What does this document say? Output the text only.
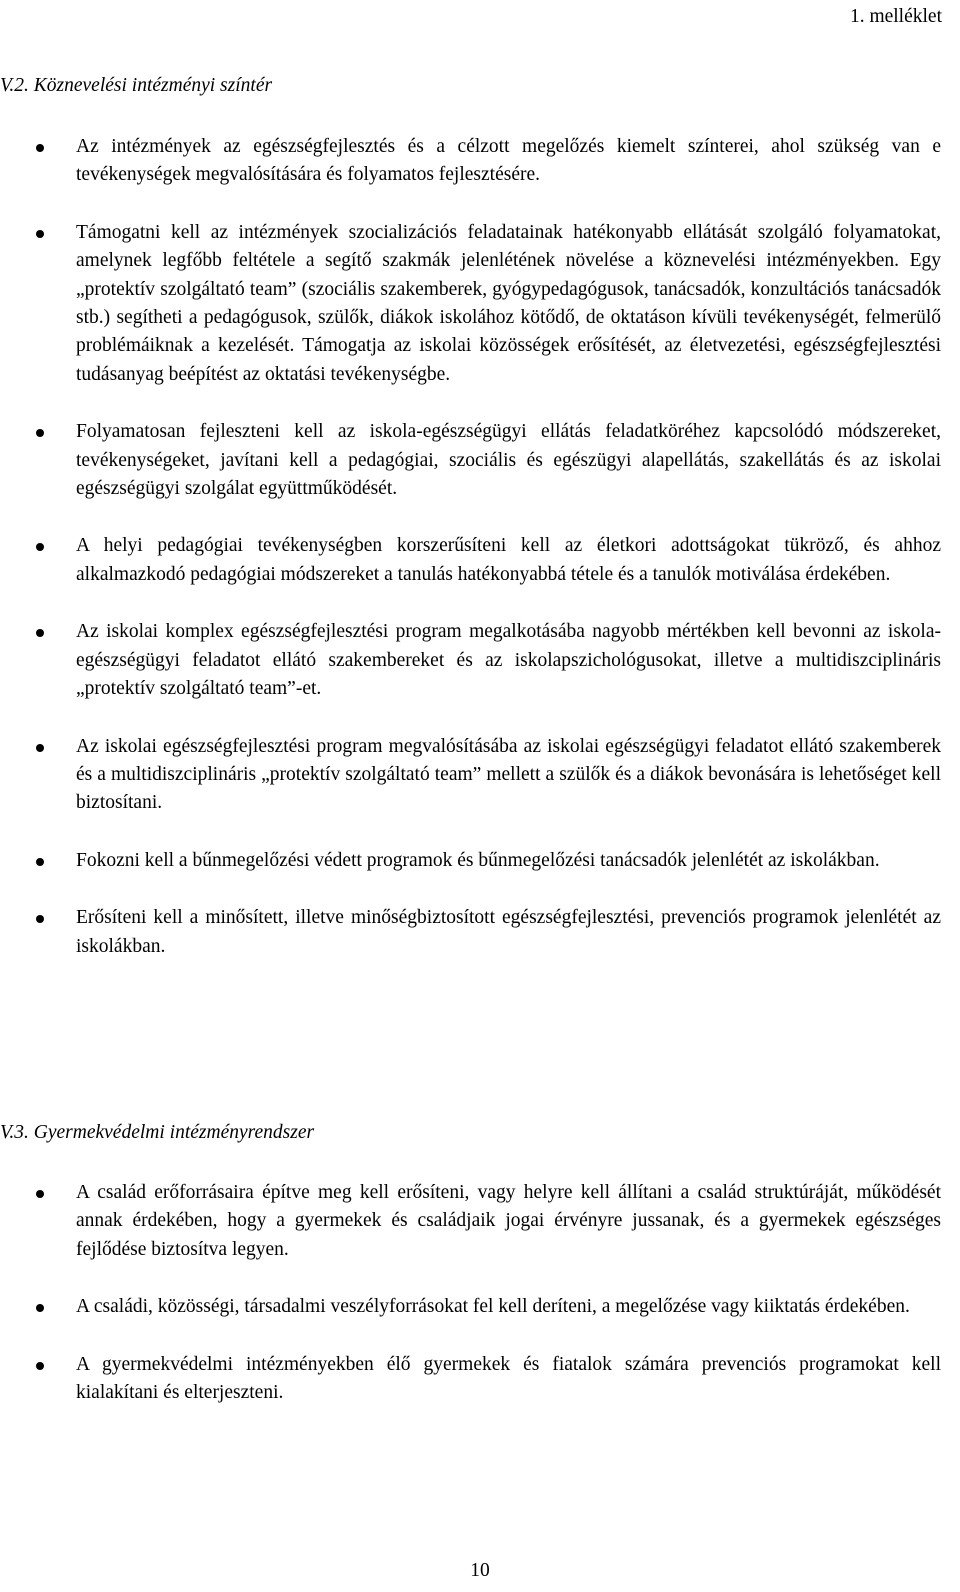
1. melléklet
V.2. Köznevelési intézményi színtér
Az intézmények az egészségfejlesztés és a célzott megelőzés kiemelt színterei, ahol szükség van e tevékenységek megvalósítására és folyamatos fejlesztésére.
Támogatni kell az intézmények szocializációs feladatainak hatékonyabb ellátását szolgáló folyamatokat, amelynek legfőbb feltétele a segítő szakmák jelenlétének növelése a köznevelési intézményekben. Egy „protektív szolgáltató team” (szociális szakemberek, gyógypedagógusok, tanácsadók, konzultációs tanácsadók stb.) segítheti a pedagógusok, szülők, diákok iskolához kötődő, de oktatáson kívüli tevékenységét, felmerülő problémáiknak a kezelését. Támogatja az iskolai közösségek erősítését, az életvezetési, egészségfejlesztési tudásanyag beépítést az oktatási tevékenységbe.
Folyamatosan fejleszteni kell az iskola-egészségügyi ellátás feladatköréhez kapcsolódó módszereket, tevékenységeket, javítani kell a pedagógiai, szociális és egészügyi alapellátás, szakellátás és az iskolai egészségügyi szolgálat együttműködését.
A helyi pedagógiai tevékenységben korszerűsíteni kell az életkori adottságokat tükröző, és ahhoz alkalmazkodó pedagógiai módszereket a tanulás hatékonyabbá tétele és a tanulók motiválása érdekében.
Az iskolai komplex egészségfejlesztési program megalkotásába nagyobb mértékben kell bevonni az iskola-egészségügyi feladatot ellátó szakembereket és az iskolapszichológusokat, illetve a multidiszciplináris „protektív szolgáltató team”-et.
Az iskolai egészségfejlesztési program megvalósításába az iskolai egészségügyi feladatot ellátó szakemberek és a multidiszciplináris „protektív szolgáltató team” mellett a szülők és a diákok bevonására is lehetőséget kell biztosítani.
Fokozni kell a bűnmegelőzési védett programok és bűnmegelőzési tanácsadók jelenlétét az iskolákban.
Erősíteni kell a minősített, illetve minőségbiztosított egészségfejlesztési, prevenciós programok jelenlétét az iskolákban.
V.3. Gyermekvédelmi intézményrendszer
A család erőforrásaira építve meg kell erősíteni, vagy helyre kell állítani a család struktúráját, működését annak érdekében, hogy a gyermekek és családjaik jogai érvényre jussanak, és a gyermekek egészséges fejlődése biztosítva legyen.
A családi, közösségi, társadalmi veszélyforrásokat fel kell deríteni, a megelőzése vagy kiiktatás érdekében.
A gyermekvédelmi intézményekben élő gyermekek és fiatalok számára prevenciós programokat kell kialakítani és elterjeszteni.
10
